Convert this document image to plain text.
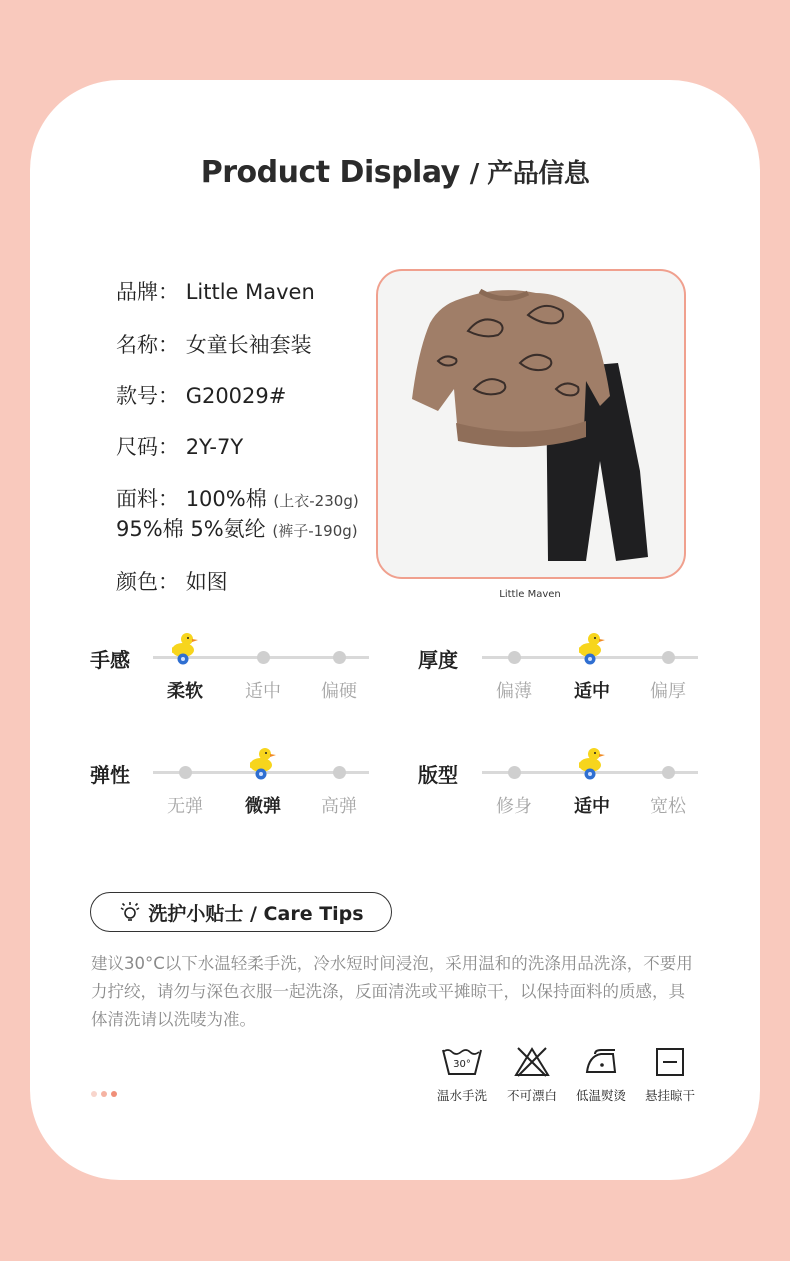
Product Display / 产品信息
品牌： Little Maven
名称： 女童长袖套装
款号： G20029#
尺码： 2Y-7Y
面料： 100%棉 (上衣-230g)
95%棉 5%氨纶 (裤子-190g)
颜色： 如图
Little Maven
手感
柔软	适中	偏硬
厚度
偏薄	适中	偏厚
弹性
无弹	微弹	高弹
版型
修身	适中	宽松
洗护小贴士 / Care Tips
建议30°C以下水温轻柔手洗，冷水短时间浸泡，采用温和的洗涤用品洗涤，不要用力拧绞，请勿与深色衣服一起洗涤，反面清洗或平摊晾干，以保持面料的质感，具体清洗请以洗唛为准。
30°
温水手洗	不可漂白	低温熨烫	悬挂晾干
